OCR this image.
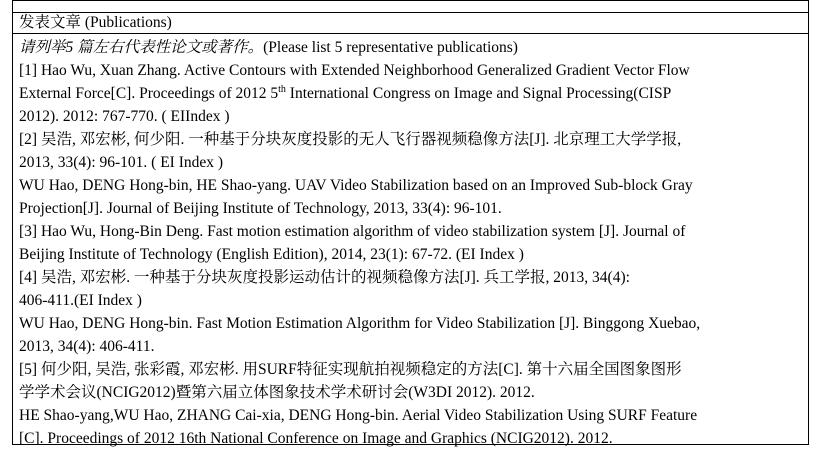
发表文章 (Publications)
请列举5 篇左右代表性论文或著作。(Please list 5 representative publications)
[1] Hao Wu, Xuan Zhang. Active Contours with Extended Neighborhood Generalized Gradient Vector Flow
External Force[C]. Proceedings of 2012 5th International Congress on Image and Signal Processing(CISP
2012). 2012: 767-770. ( EIIndex )
[2] 吴浩, 邓宏彬, 何少阳. 一种基于分块灰度投影的无人飞行器视频稳像方法[J]. 北京理工大学学报,
2013, 33(4): 96-101. ( EI Index )
WU Hao, DENG Hong-bin, HE Shao-yang. UAV Video Stabilization based on an Improved Sub-block Gray
Projection[J]. Journal of Beijing Institute of Technology, 2013, 33(4): 96-101.
[3] Hao Wu, Hong-Bin Deng. Fast motion estimation algorithm of video stabilization system [J]. Journal of
Beijing Institute of Technology (English Edition), 2014, 23(1): 67-72. (EI Index )
[4] 吴浩, 邓宏彬. 一种基于分块灰度投影运动估计的视频稳像方法[J]. 兵工学报, 2013, 34(4):
406-411.(EI Index )
WU Hao, DENG Hong-bin. Fast Motion Estimation Algorithm for Video Stabilization [J]. Binggong Xuebao,
2013, 34(4): 406-411.
[5] 何少阳, 吴浩, 张彩霞, 邓宏彬. 用SURF特征实现航拍视频稳定的方法[C]. 第十六届全国图象图形
学学术会议(NCIG2012)暨第六届立体图象技术学术研讨会(W3DI 2012). 2012.
HE Shao-yang,WU Hao, ZHANG Cai-xia, DENG Hong-bin. Aerial Video Stabilization Using SURF Feature
[C]. Proceedings of 2012 16th National Conference on Image and Graphics (NCIG2012). 2012.
